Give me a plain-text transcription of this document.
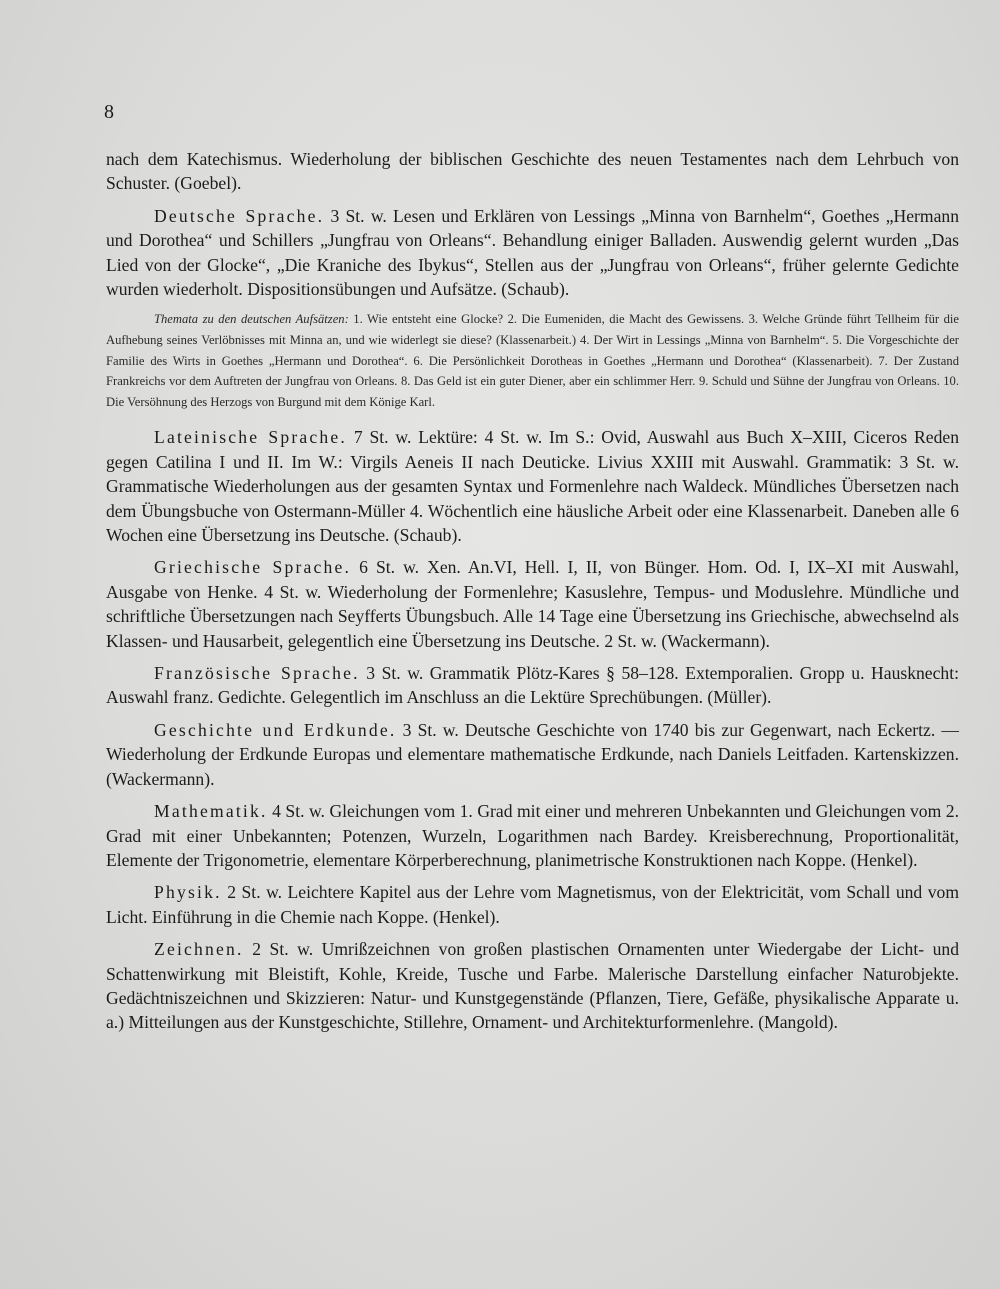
8

nach dem Katechismus. Wiederholung der biblischen Geschichte des neuen Testamentes nach dem Lehrbuch von Schuster. (Goebel).

Deutsche Sprache. 3 St. w. Lesen und Erklären von Lessings „Minna von Barnhelm“, Goethes „Hermann und Dorothea“ und Schillers „Jungfrau von Orleans“. Behandlung einiger Balladen. Auswendig gelernt wurden „Das Lied von der Glocke“, „Die Kraniche des Ibykus“, Stellen aus der „Jungfrau von Orleans“, früher gelernte Gedichte wurden wiederholt. Dispositionsübungen und Aufsätze. (Schaub).

Themata zu den deutschen Aufsätzen: 1. Wie entsteht eine Glocke? 2. Die Eumeniden, die Macht des Gewissens. 3. Welche Gründe führt Tellheim für die Aufhebung seines Verlöbnisses mit Minna an, und wie widerlegt sie diese? (Klassenarbeit.) 4. Der Wirt in Lessings „Minna von Barnhelm“. 5. Die Vorgeschichte der Familie des Wirts in Goethes „Hermann und Dorothea“. 6. Die Persönlichkeit Dorotheas in Goethes „Hermann und Dorothea“ (Klassenarbeit). 7. Der Zustand Frankreichs vor dem Auftreten der Jungfrau von Orleans. 8. Das Geld ist ein guter Diener, aber ein schlimmer Herr. 9. Schuld und Sühne der Jungfrau von Orleans. 10. Die Versöhnung des Herzogs von Burgund mit dem Könige Karl.

Lateinische Sprache. 7 St. w. Lektüre: 4 St. w. Im S.: Ovid, Auswahl aus Buch X–XIII, Ciceros Reden gegen Catilina I und II. Im W.: Virgils Aeneis II nach Deuticke. Livius XXIII mit Auswahl. Grammatik: 3 St. w. Grammatische Wiederholungen aus der gesamten Syntax und Formenlehre nach Waldeck. Mündliches Übersetzen nach dem Übungsbuche von Ostermann-Müller 4. Wöchentlich eine häusliche Arbeit oder eine Klassenarbeit. Daneben alle 6 Wochen eine Übersetzung ins Deutsche. (Schaub).

Griechische Sprache. 6 St. w. Xen. An.VI, Hell. I, II, von Bünger. Hom. Od. I, IX–XI mit Auswahl, Ausgabe von Henke. 4 St. w. Wiederholung der Formenlehre; Kasuslehre, Tempus- und Moduslehre. Mündliche und schriftliche Übersetzungen nach Seyfferts Übungsbuch. Alle 14 Tage eine Übersetzung ins Griechische, abwechselnd als Klassen- und Hausarbeit, gelegentlich eine Übersetzung ins Deutsche. 2 St. w. (Wackermann).

Französische Sprache. 3 St. w. Grammatik Plötz-Kares § 58–128. Extemporalien. Gropp u. Hausknecht: Auswahl franz. Gedichte. Gelegentlich im Anschluss an die Lektüre Sprechübungen. (Müller).

Geschichte und Erdkunde. 3 St. w. Deutsche Geschichte von 1740 bis zur Gegenwart, nach Eckertz. — Wiederholung der Erdkunde Europas und elementare mathematische Erdkunde, nach Daniels Leitfaden. Kartenskizzen. (Wackermann).

Mathematik. 4 St. w. Gleichungen vom 1. Grad mit einer und mehreren Unbekannten und Gleichungen vom 2. Grad mit einer Unbekannten; Potenzen, Wurzeln, Logarithmen nach Bardey. Kreisberechnung, Proportionalität, Elemente der Trigonometrie, elementare Körperberechnung, planimetrische Konstruktionen nach Koppe. (Henkel).

Physik. 2 St. w. Leichtere Kapitel aus der Lehre vom Magnetismus, von der Elektricität, vom Schall und vom Licht. Einführung in die Chemie nach Koppe. (Henkel).

Zeichnen. 2 St. w. Umrißzeichnen von großen plastischen Ornamenten unter Wiedergabe der Licht- und Schattenwirkung mit Bleistift, Kohle, Kreide, Tusche und Farbe. Malerische Darstellung einfacher Naturobjekte. Gedächtniszeichnen und Skizzieren: Natur- und Kunstgegenstände (Pflanzen, Tiere, Gefäße, physikalische Apparate u. a.) Mitteilungen aus der Kunstgeschichte, Stillehre, Ornament- und Architekturformenlehre. (Mangold).
